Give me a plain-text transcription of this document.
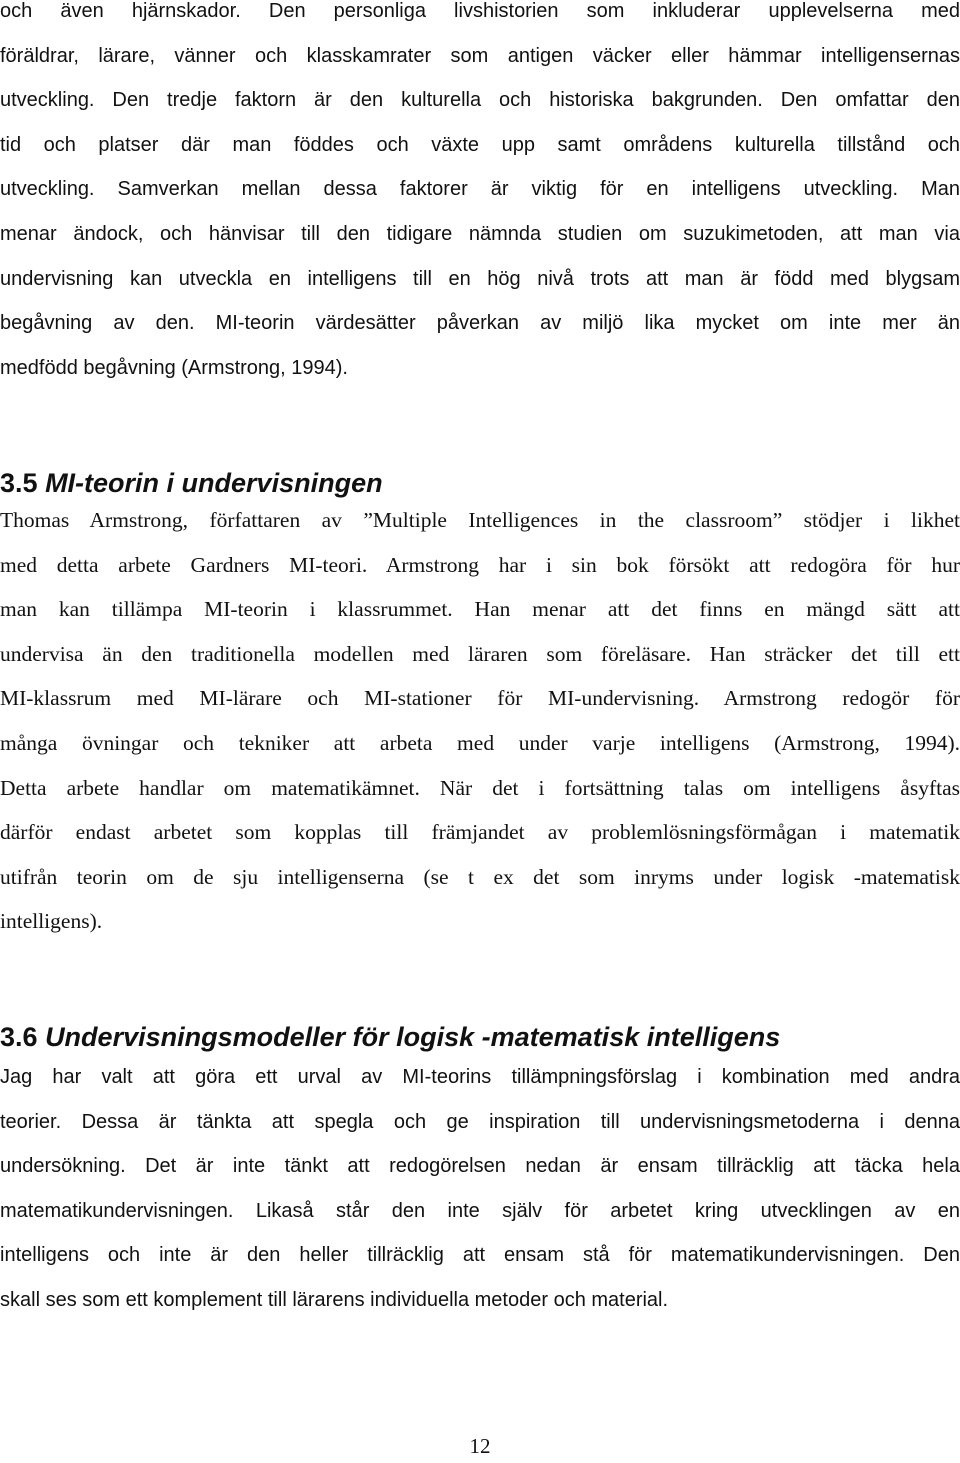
och även hjärnskador. Den personliga livshistorien som inkluderar upplevelserna med
föräldrar, lärare, vänner och klasskamrater som antigen väcker eller hämmar intelligensernas
utveckling. Den tredje faktorn är den kulturella och historiska bakgrunden. Den omfattar den
tid och platser där man föddes och växte upp samt områdens kulturella tillstånd och
utveckling. Samverkan mellan dessa faktorer är viktig för en intelligens utveckling. Man
menar ändock, och hänvisar till den tidigare nämnda studien om suzukimetoden, att man via
undervisning kan utveckla en intelligens till en hög nivå trots att man är född med blygsam
begåvning av den. MI-teorin värdesätter påverkan av miljö lika mycket om inte mer än
medfödd begåvning (Armstrong, 1994).
3.5 MI-teorin i undervisningen
Thomas Armstrong, författaren av ”Multiple Intelligences in the classroom” stödjer i likhet
med detta arbete Gardners MI-teori. Armstrong har i sin bok försökt att redogöra för hur
man kan tillämpa MI-teorin i klassrummet. Han menar att det finns en mängd sätt att
undervisa än den traditionella modellen med läraren som föreläsare. Han sträcker det till ett
MI-klassrum med MI-lärare och MI-stationer för MI-undervisning. Armstrong redogör för
många övningar och tekniker att arbeta med under varje intelligens (Armstrong, 1994).
Detta arbete handlar om matematikämnet. När det i fortsättning talas om intelligens åsyftas
därför endast arbetet som kopplas till främjandet av problemlösningsförmågan i matematik
utifrån teorin om de sju intelligenserna (se t ex det som inryms under logisk -matematisk
intelligens).
3.6 Undervisningsmodeller för logisk -matematisk intelligens
Jag har valt att göra ett urval av MI-teorins tillämpningsförslag i kombination med andra
teorier. Dessa är tänkta att spegla och ge inspiration till undervisningsmetoderna i denna
undersökning. Det är inte tänkt att redogörelsen nedan är ensam tillräcklig att täcka hela
matematikundervisningen. Likaså står den inte själv för arbetet kring utvecklingen av en
intelligens och inte är den heller tillräcklig att ensam stå för matematikundervisningen. Den
skall ses som ett komplement till lärarens individuella metoder och material.
12
